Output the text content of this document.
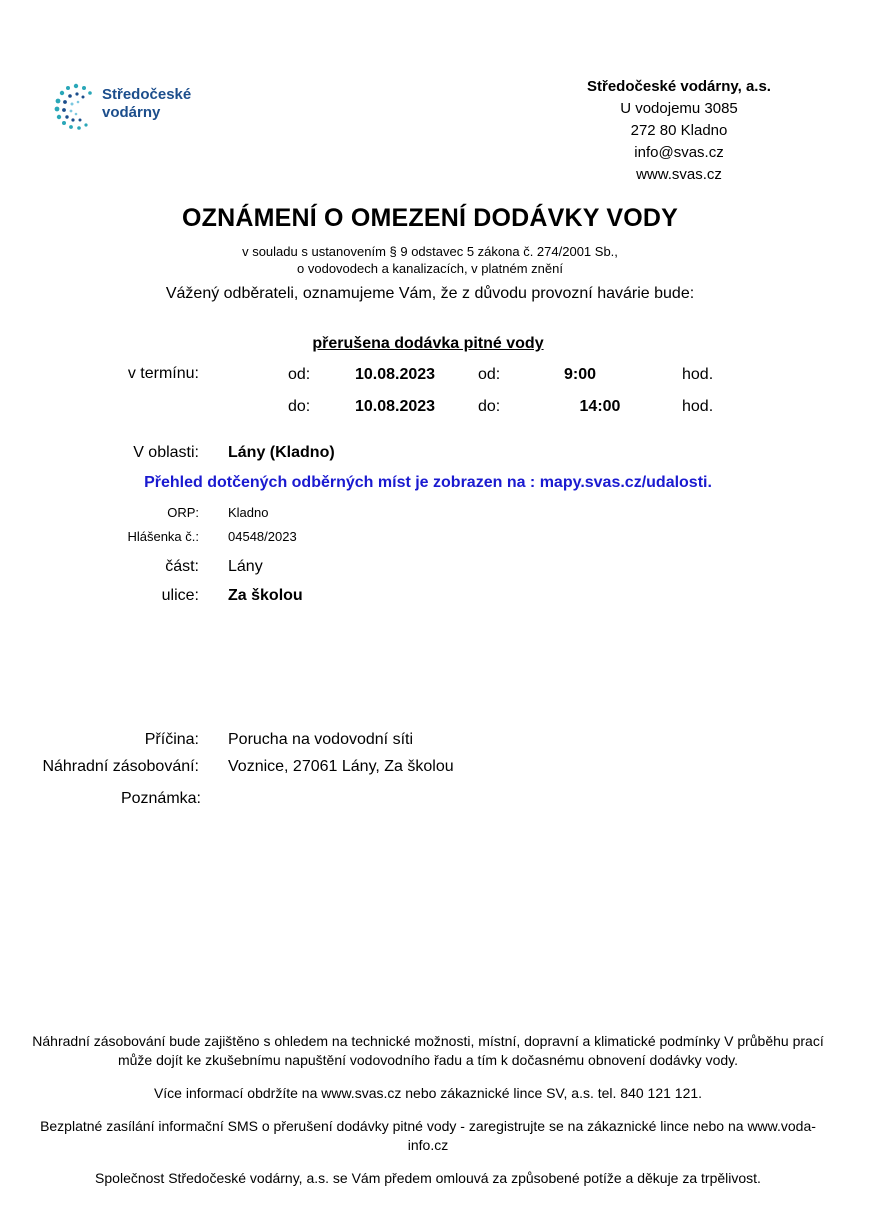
Středočeské
vodárny
Středočeské vodárny, a.s.
U vodojemu 3085
272 80 Kladno
info@svas.cz
www.svas.cz
OZNÁMENÍ O OMEZENÍ DODÁVKY VODY
v souladu s ustanovením § 9 odstavec 5 zákona č. 274/2001 Sb.,
o vodovodech a kanalizacích, v platném znění
Vážený odběrateli, oznamujeme Vám, že z důvodu provozní havárie bude:
přerušena dodávka pitné vody
v termínu:	od:	10.08.2023	od:	9:00	hod.
do:	10.08.2023	do:	14:00	hod.
V oblasti: Lány (Kladno)
Přehled dotčených odběrných míst je zobrazen na : mapy.svas.cz/udalosti.
ORP: Kladno
Hlášenka č.: 04548/2023
část: Lány
ulice: Za školou
Příčina: Porucha na vodovodní síti
Náhradní zásobování: Voznice, 27061 Lány, Za školou
Poznámka:

Náhradní zásobování bude zajištěno s ohledem na technické možnosti, místní, dopravní a klimatické podmínky V průběhu prací může dojít ke zkušebnímu napuštění vodovodního řadu a tím k dočasnému obnovení dodávky vody.

Více informací obdržíte na www.svas.cz nebo zákaznické lince SV, a.s. tel. 840 121 121.

Bezplatné zasílání informační SMS o přerušení dodávky pitné vody - zaregistrujte se na zákaznické lince nebo na www.voda-info.cz

Společnost Středočeské vodárny, a.s. se Vám předem omlouvá za způsobené potíže a děkuje za trpělivost.
